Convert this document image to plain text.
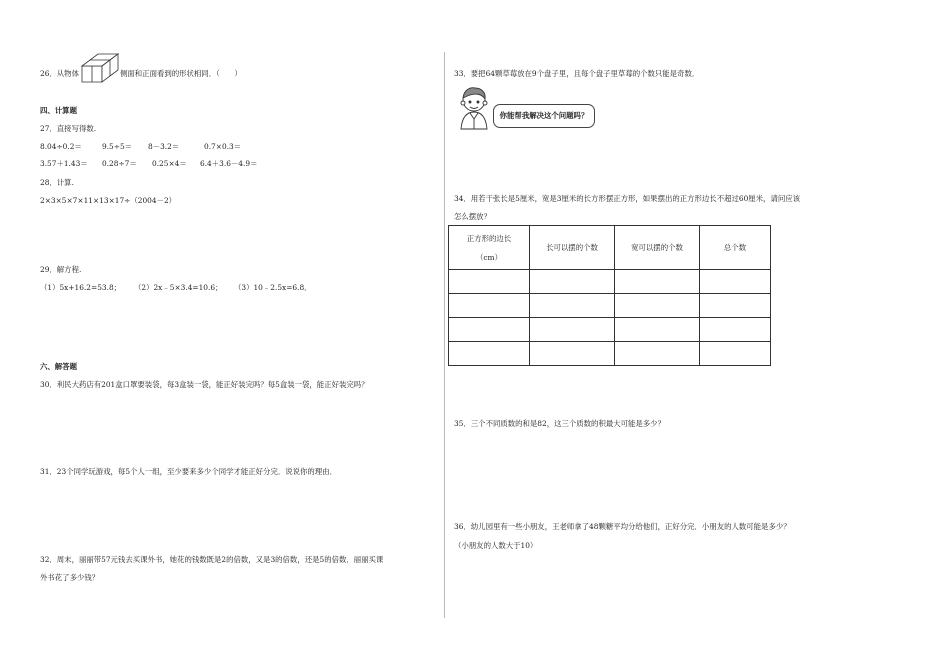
26．从物体	侧面和正面看到的形状相同．（　　）
四、计算题
27．直接写得数.
8.04÷0.2＝	9.5÷5＝ 8－3.2＝	0.7×0.3＝
3.57＋1.43＝ 0.28÷7＝ 0.25×4＝ 6.4＋3.6－4.9＝
28．计算.
2×3×5×7×11×13×17÷（2004－2）
29．解方程.
（1）5x+16.2=53.8； （2）2x﹣5×3.4=10.6； （3）10﹣2.5x=6.8．
六、解答题
30．利民大药店有201盒口罩要装袋，每3盒装一袋，能正好装完吗？每5盒装一袋，能正好装完吗？
31．23个同学玩游戏，每5个人一组，至少要来多少个同学才能正好分完．说说你的理由．
32．周末，丽丽带57元钱去买课外书，她花的钱数既是2的倍数，又是3的倍数，还是5的倍数．丽丽买课
外书花了多少钱？
33．要把64颗草莓放在9个盘子里，且每个盘子里草莓的个数只能是奇数．
你能帮我解决这个问题吗？
34．用若干张长是5厘米，宽是3厘米的长方形摆正方形，如果摆出的正方形边长不超过60厘米，请问应该
怎么摆放？
正方形的边长
（cm）	长可以摆的个数	宽可以摆的个数	总个数

35．三个不同质数的和是82，这三个质数的积最大可能是多少？
36．幼儿园里有一些小朋友，王老师拿了48颗糖平均分给他们，正好分完．小朋友的人数可能是多少？
（小朋友的人数大于10）
